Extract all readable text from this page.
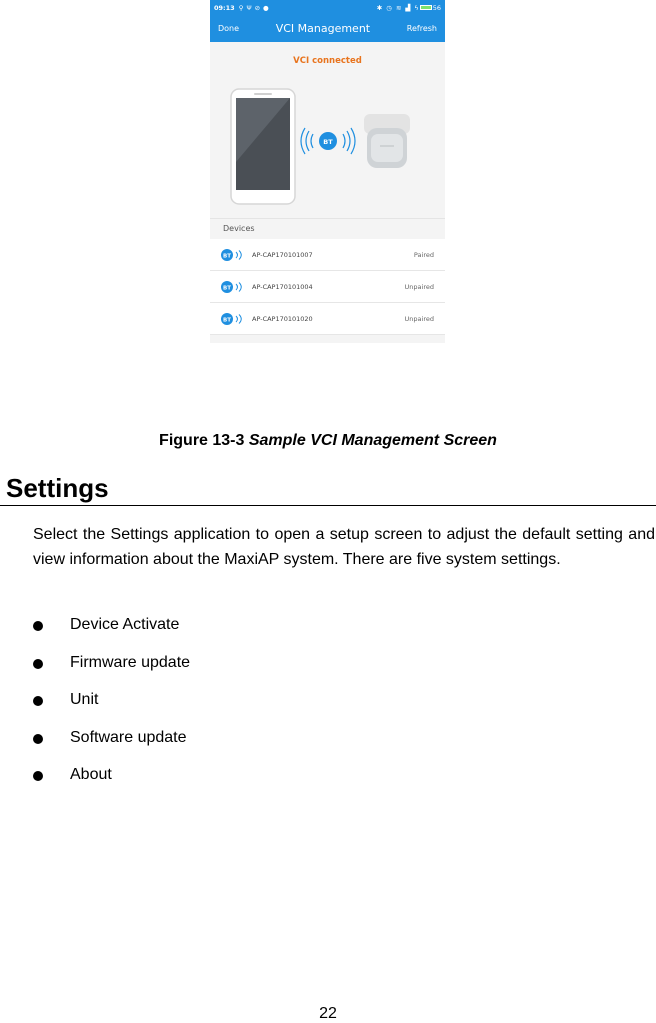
09:13 ⚲ Ψ ⊘ ●	✱ ◷ ≋ ▟ ϟ 56
Done	VCI Management	Refresh
VCI connected
BT
Devices
BT	AP-CAP170101007	Paired
BT	AP-CAP170101004	Unpaired
BT	AP-CAP170101020	Unpaired
Figure 13-3 Sample VCI Management Screen
Settings

Select the Settings application to open a setup screen to adjust the default setting and view information about the MaxiAP system. There are five system settings.

Device Activate
Firmware update
Unit
Software update
About
22
